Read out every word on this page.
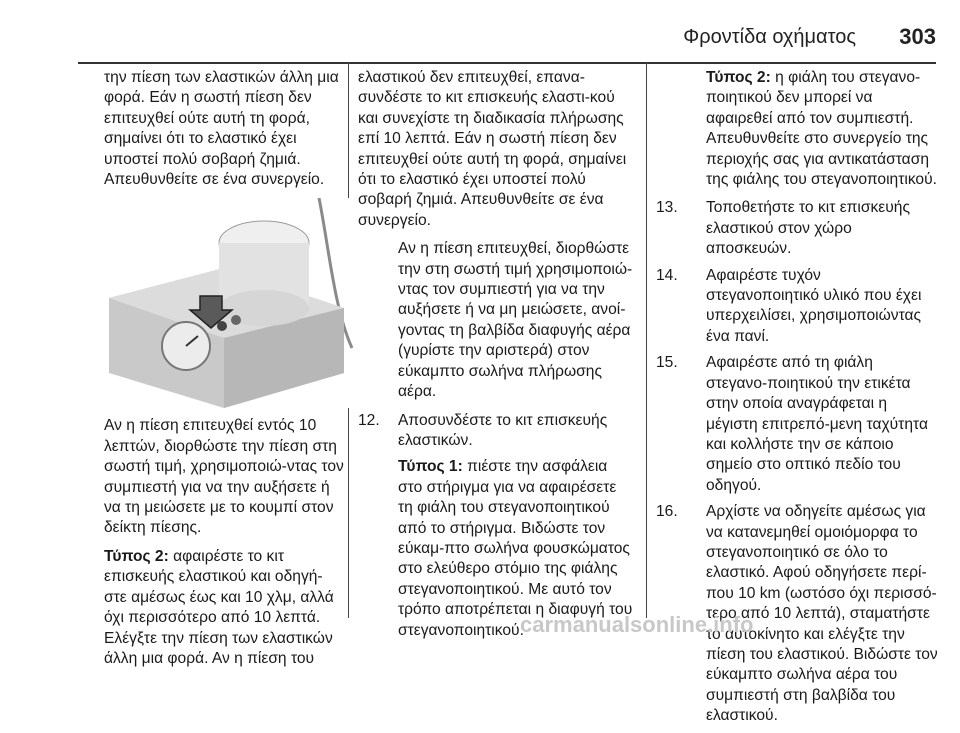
Φροντίδα οχήματος 303

την πίεση των ελαστικών άλλη μια φορά. Εάν η σωστή πίεση δεν επιτευχθεί ούτε αυτή τη φορά, σημαίνει ότι το ελαστικό έχει υποστεί πολύ σοβαρή ζημιά. Απευθυνθείτε σε ένα συνεργείο.

Αν η πίεση επιτευχθεί εντός 10 λεπτών, διορθώστε την πίεση στη σωστή τιμή, χρησιμοποιώ-ντας τον συμπιεστή για να την αυξήσετε ή να τη μειώσετε με το κουμπί στον δείκτη πίεσης.

Τύπος 2: αφαιρέστε το κιτ επισκευής ελαστικού και οδηγή-στε αμέσως έως και 10 χλμ, αλλά όχι περισσότερο από 10 λεπτά. Ελέγξτε την πίεση των ελαστικών άλλη μια φορά. Αν η πίεση του

ελαστικού δεν επιτευχθεί, επανα-συνδέστε το κιτ επισκευής ελαστι-κού και συνεχίστε τη διαδικασία πλήρωσης επί 10 λεπτά. Εάν η σωστή πίεση δεν επιτευχθεί ούτε αυτή τη φορά, σημαίνει ότι το ελαστικό έχει υποστεί πολύ σοβαρή ζημιά. Απευθυνθείτε σε ένα συνεργείο.

Αν η πίεση επιτευχθεί, διορθώστε την στη σωστή τιμή χρησιμοποιώ-ντας τον συμπιεστή για να την αυξήσετε ή να μη μειώσετε, ανοί-γοντας τη βαλβίδα διαφυγής αέρα (γυρίστε την αριστερά) στον εύκαμπτο σωλήνα πλήρωσης αέρα.

12. Αποσυνδέστε το κιτ επισκευής ελαστικών.

Τύπος 1: πιέστε την ασφάλεια στο στήριγμα για να αφαιρέσετε τη φιάλη του στεγανοποιητικού από το στήριγμα. Βιδώστε τον εύκαμ-πτο σωλήνα φουσκώματος στο ελεύθερο στόμιο της φιάλης στεγανοποιητικού. Με αυτό τον τρόπο αποτρέπεται η διαφυγή του στεγανοποιητικού.

Τύπος 2: η φιάλη του στεγανο-ποιητικού δεν μπορεί να αφαιρεθεί από τον συμπιεστή. Απευθυνθείτε στο συνεργείο της περιοχής σας για αντικατάσταση της φιάλης του στεγανοποιητικού.

13. Τοποθετήστε το κιτ επισκευής ελαστικού στον χώρο αποσκευών.

14. Αφαιρέστε τυχόν στεγανοποιητικό υλικό που έχει υπερχειλίσει, χρησιμοποιώντας ένα πανί.

15. Αφαιρέστε από τη φιάλη στεγανο-ποιητικού την ετικέτα στην οποία αναγράφεται η μέγιστη επιτρεπό-μενη ταχύτητα και κολλήστε την σε κάποιο σημείο στο οπτικό πεδίο του οδηγού.

16. Αρχίστε να οδηγείτε αμέσως για να κατανεμηθεί ομοιόμορφα το στεγανοποιητικό σε όλο το ελαστικό. Αφού οδηγήσετε περί-που 10 km (ωστόσο όχι περισσό-τερο από 10 λεπτά), σταματήστε το αυτοκίνητο και ελέγξτε την πίεση του ελαστικού. Βιδώστε τον εύκαμπτο σωλήνα αέρα του συμπιεστή στη βαλβίδα του ελαστικού.

carmanualsonline.info
